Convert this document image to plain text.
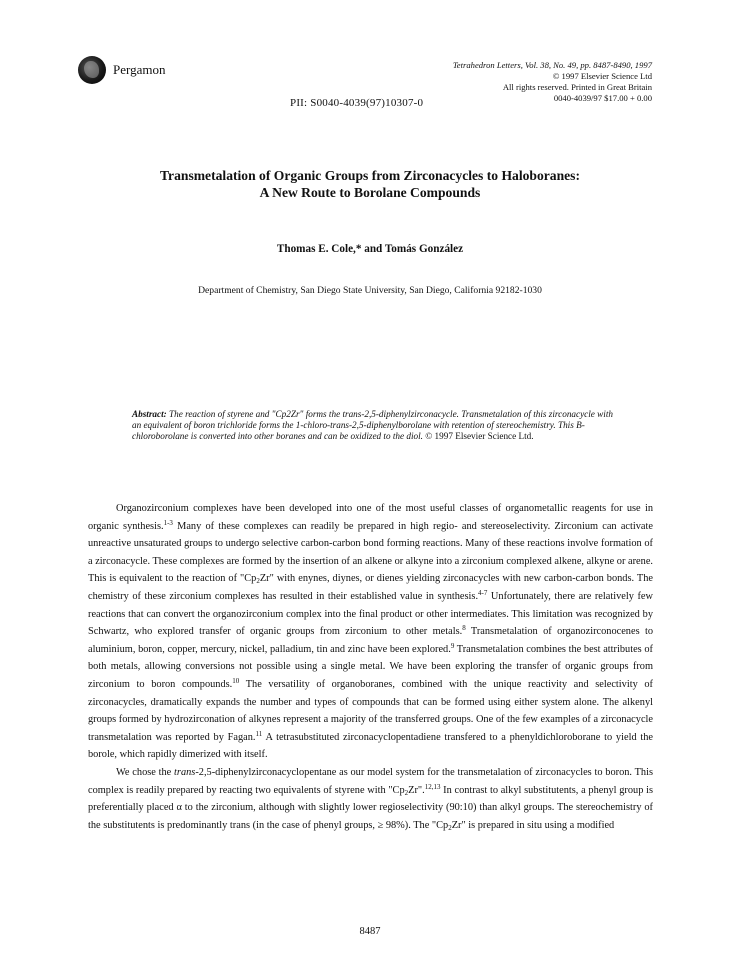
Pergamon	Tetrahedron Letters, Vol. 38, No. 49, pp. 8487-8490, 1997
© 1997 Elsevier Science Ltd
All rights reserved. Printed in Great Britain
0040-4039/97 $17.00 + 0.00
PII: S0040-4039(97)10307-0
Transmetalation of Organic Groups from Zirconacycles to Haloboranes:
A New Route to Borolane Compounds
Thomas E. Cole,* and Tomás González
Department of Chemistry, San Diego State University, San Diego, California 92182-1030
Abstract: The reaction of styrene and "Cp2Zr" forms the trans-2,5-diphenylzirconacycle. Transmetalation of this zirconacycle with an equivalent of boron trichloride forms the 1-chloro-trans-2,5-diphenylborolane with retention of stereochemistry. This B-chloroborolane is converted into other boranes and can be oxidized to the diol. © 1997 Elsevier Science Ltd.

Organozirconium complexes have been developed into one of the most useful classes of organometallic reagents for use in organic synthesis.$^{1-3}$ Many of these complexes can readily be prepared in high regio- and stereoselectivity. Zirconium can activate unreactive unsaturated groups to undergo selective carbon-carbon bond forming reactions. Many of these reactions involve formation of a zirconacycle. These complexes are formed by the insertion of an alkene or alkyne into a zirconium complexed alkene, alkyne or arene. This is equivalent to the reaction of "$Cp_2Zr$" with enynes, diynes, or dienes yielding zirconacycles with new carbon-carbon bonds. The chemistry of these zirconium complexes has resulted in their established value in synthesis.$^{4-7}$ Unfortunately, there are relatively few reactions that can convert the organozirconium complex into the final product or other intermediates. This limitation was recognized by Schwartz, who explored transfer of organic groups from zirconium to other metals.$^8$ Transmetalation of organozirconocenes to aluminium, boron, copper, mercury, nickel, palladium, tin and zinc have been explored.$^9$ Transmetalation combines the best attributes of both metals, allowing conversions not possible using a single metal. We have been exploring the transfer of organic groups from zirconium to boron compounds.$^{10}$ The versatility of organoboranes, combined with the unique reactivity and selectivity of zirconacycles, dramatically expands the number and types of compounds that can be formed using either system alone. The alkenyl groups formed by hydrozirconation of alkynes represent a majority of the transferred groups. One of the few examples of a zirconacycle transmetalation was reported by Fagan.$^{11}$ A tetrasubstituted zirconacyclopentadiene transfered to a phenyldichloroborane to yield the borole, which rapidly dimerized with itself.

We chose the trans-2,5-diphenylzirconacyclopentane as our model system for the transmetalation of zirconacycles to boron. This complex is readily prepared by reacting two equivalents of styrene with "$Cp_2Zr".^{12,13}$ In contrast to alkyl substitutents, a phenyl group is preferentially placed α to the zirconium, although with slightly lower regioselectivity (90:10) than alkyl groups. The stereochemistry of the substitutents is predominantly trans (in the case of phenyl groups, ≥ 98%). The "$Cp_2Zr$" is prepared in situ using a modified

8487
